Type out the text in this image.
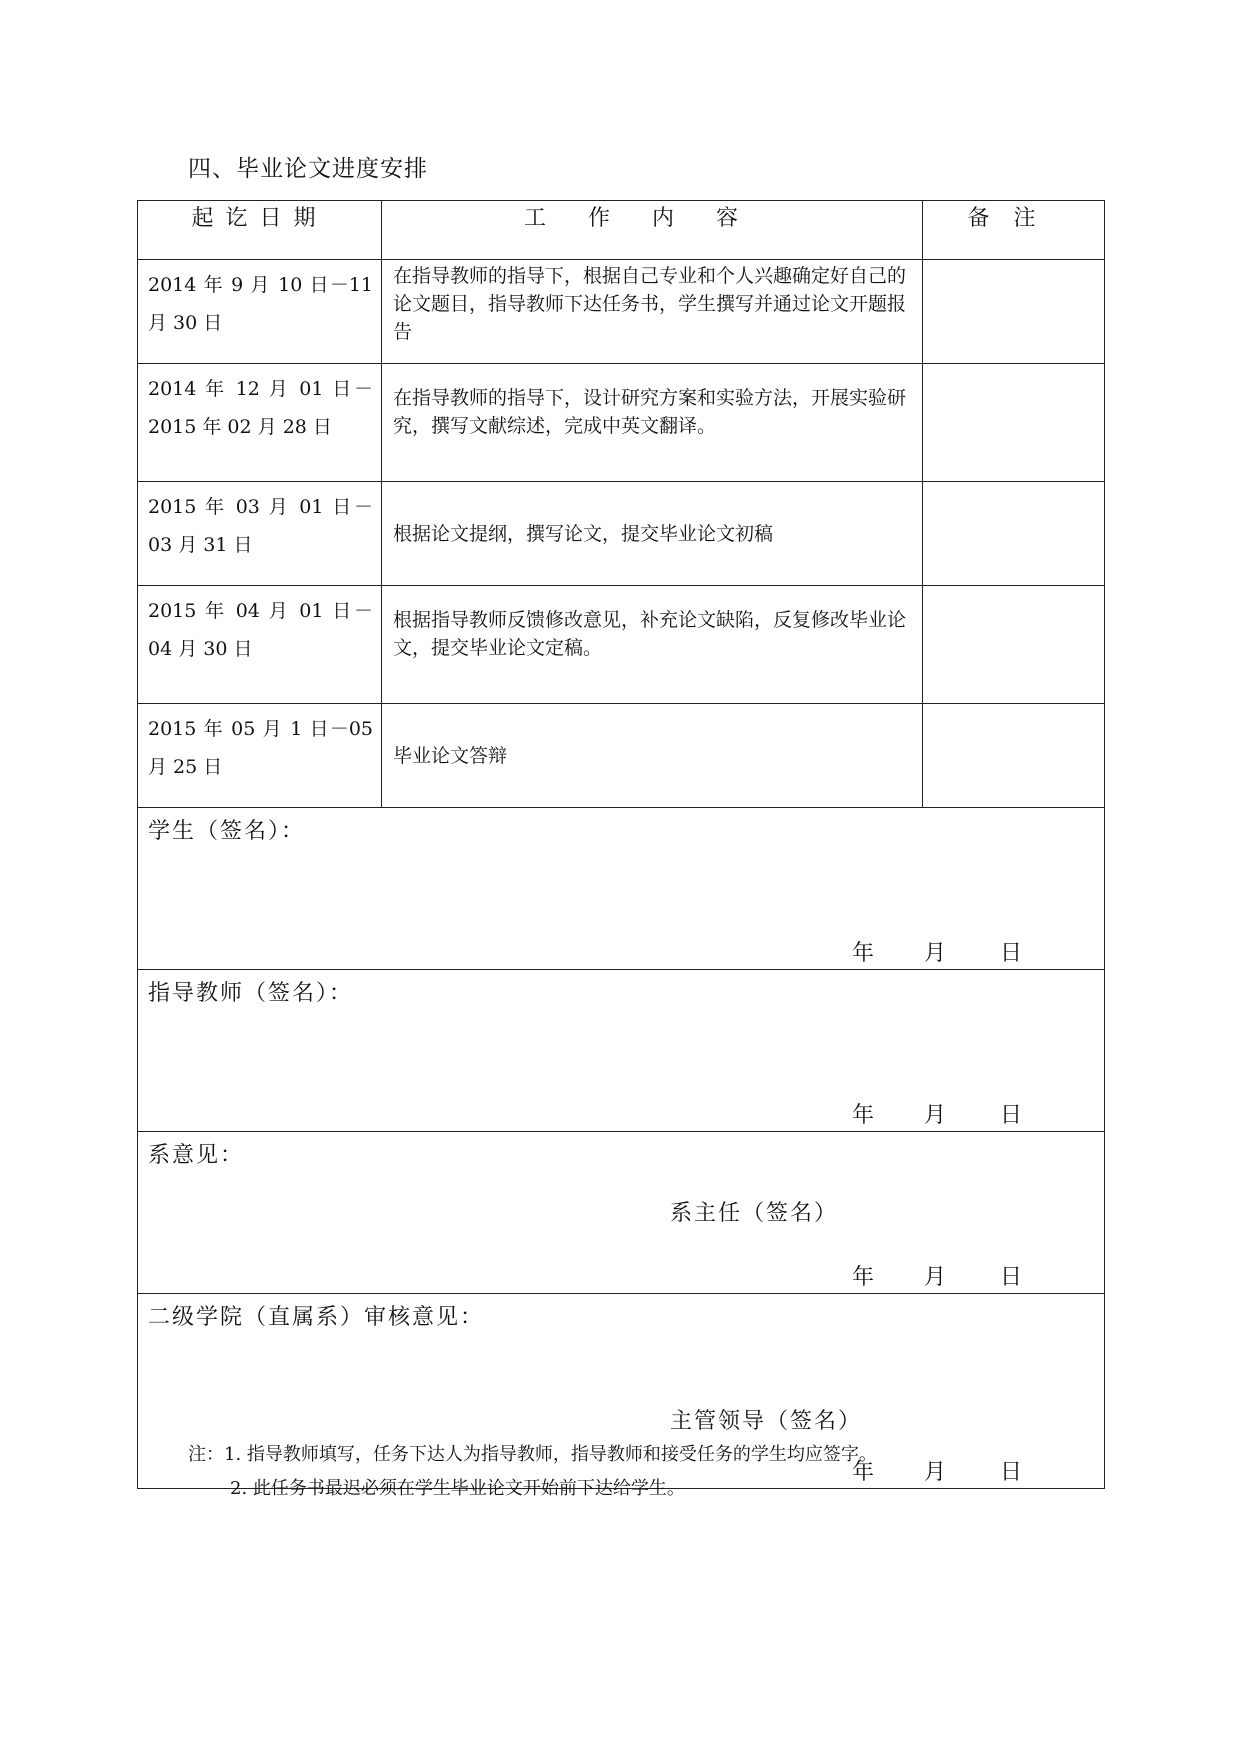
四、毕业论文进度安排
起讫日期	工作内容	备注
2014 年 9 月 10 日－11 月 30 日	在指导教师的指导下，根据自己专业和个人兴趣确定好自己的论文题目，指导教师下达任务书，学生撰写并通过论文开题报告	
2014 年 12 月 01 日－2015 年 02 月 28 日	在指导教师的指导下，设计研究方案和实验方法，开展实验研究，撰写文献综述，完成中英文翻译。	
2015 年 03 月 01 日－03 月 31 日	根据论文提纲，撰写论文，提交毕业论文初稿	
2015 年 04 月 01 日－04 月 30 日	根据指导教师反馈修改意见，补充论文缺陷，反复修改毕业论文，提交毕业论文定稿。	
2015 年 05 月 1 日－05 月 25 日	毕业论文答辩	

学生（签名）：
年 月 日		

指导教师（签名）：
年 月 日		

系意见：
系主任（签名）
年 月 日		

二级学院（直属系）审核意见：
主管领导（签名）
年 月 日		
注：1. 指导教师填写，任务下达人为指导教师，指导教师和接受任务的学生均应签字。
2. 此任务书最迟必须在学生毕业论文开始前下达给学生。
